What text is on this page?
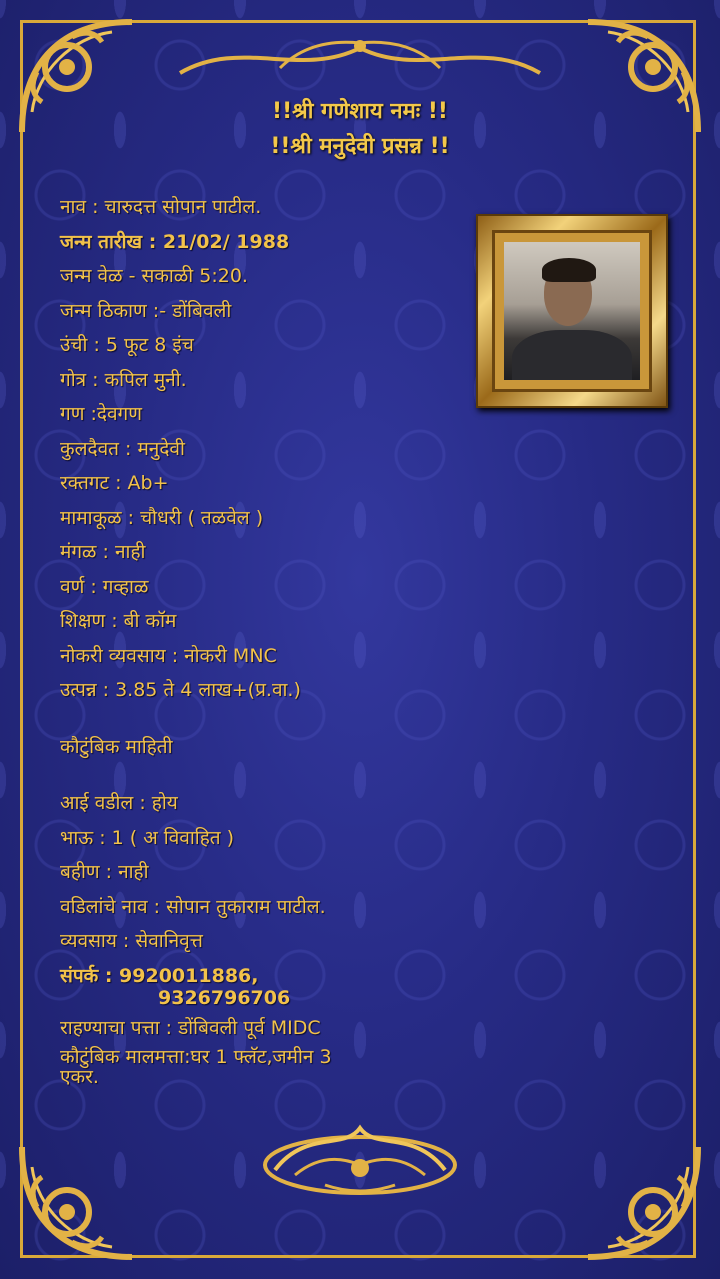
!!श्री गणेशाय नमः !!
!!श्री मनुदेवी प्रसन्न !!
नाव : चारुदत्त सोपान पाटील.
जन्म तारीख : 21/02/ 1988
जन्म वेळ - सकाळी 5:20.
जन्म ठिकाण :- डोंबिवली
उंची : 5 फूट 8 इंच
गोत्र : कपिल मुनी.
गण :देवगण
कुलदैवत : मनुदेवी
रक्तगट : Ab+
मामाकूळ : चौधरी ( तळवेल )
मंगळ : नाही
वर्ण : गव्हाळ
शिक्षण : बी कॉम
नोकरी व्यवसाय : नोकरी MNC
उत्पन्न : 3.85 ते 4 लाख+(प्र.वा.)
कौटुंबिक माहिती
आई वडील : होय
भाऊ : 1 ( अ विवाहित )
बहीण : नाही
वडिलांचे नाव : सोपान तुकाराम पाटील.
व्यवसाय : सेवानिवृत्त
संपर्क : 9920011886,
9326796706
राहण्याचा पत्ता : डोंबिवली पूर्व MIDC
कौटुंबिक मालमत्ता:घर 1 फ्लॅट,जमीन 3
एकर.
